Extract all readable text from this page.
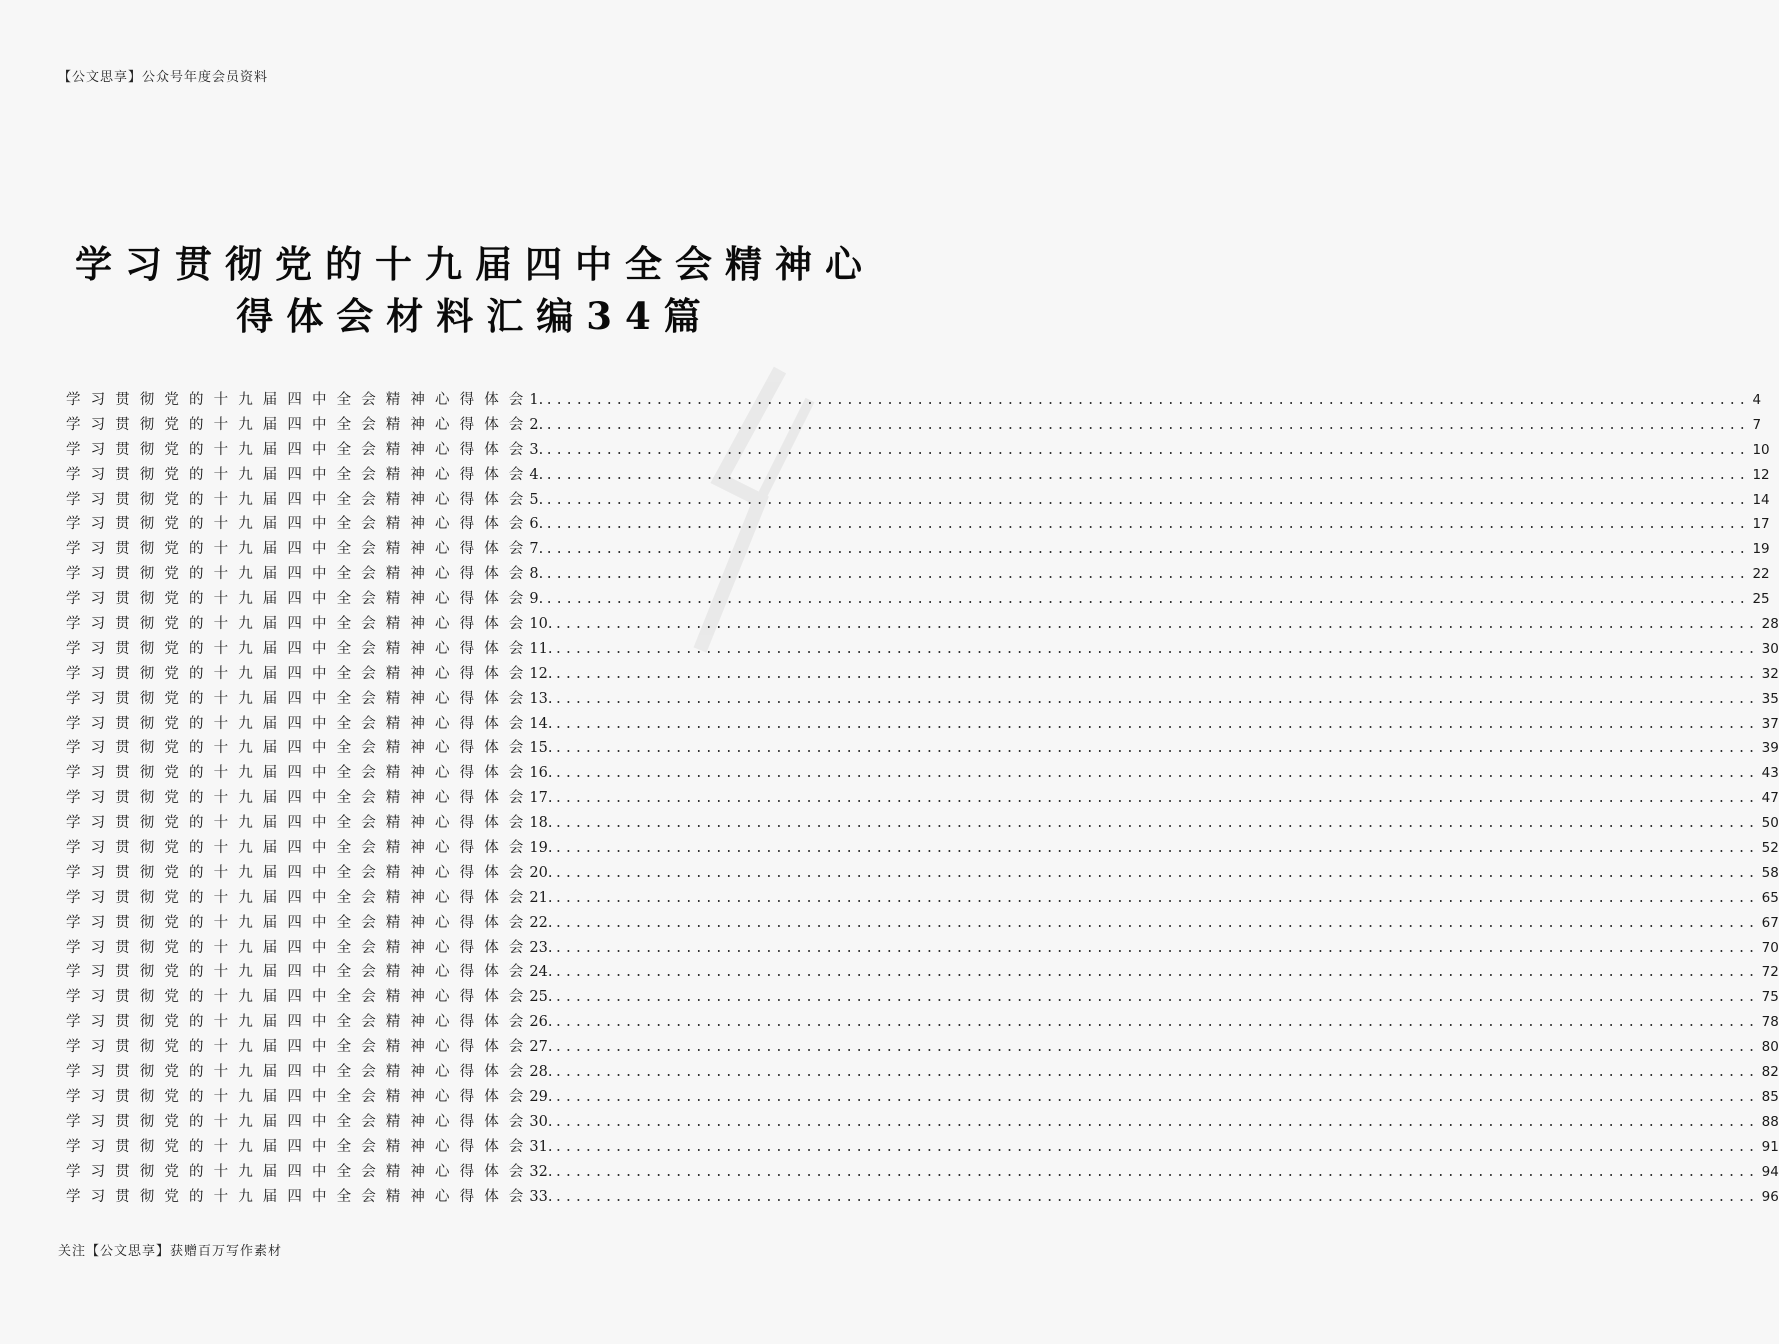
【公文思享】公众号年度会员资料
学习贯彻党的十九届四中全会精神心
得体会材料汇编34篇
学习贯彻党的十九届四中全会精神心得体会
1. ........................................................................................................................ 4
学习贯彻党的十九届四中全会精神心得体会
2. ........................................................................................................................ 7
学习贯彻党的十九届四中全会精神心得体会
3. ........................................................................................................................ 10
学习贯彻党的十九届四中全会精神心得体会
4. ........................................................................................................................ 12
学习贯彻党的十九届四中全会精神心得体会
5. ........................................................................................................................ 14
学习贯彻党的十九届四中全会精神心得体会
6. ........................................................................................................................ 17
学习贯彻党的十九届四中全会精神心得体会
7. ........................................................................................................................ 19
学习贯彻党的十九届四中全会精神心得体会
8. ........................................................................................................................ 22
学习贯彻党的十九届四中全会精神心得体会
9. ........................................................................................................................ 25
学习贯彻党的十九届四中全会精神心得体会
10. ........................................................................................................................ 28
学习贯彻党的十九届四中全会精神心得体会
11. ........................................................................................................................ 30
学习贯彻党的十九届四中全会精神心得体会
12. ........................................................................................................................ 32
学习贯彻党的十九届四中全会精神心得体会
13. ........................................................................................................................ 35
学习贯彻党的十九届四中全会精神心得体会
14. ........................................................................................................................ 37
学习贯彻党的十九届四中全会精神心得体会
15. ........................................................................................................................ 39
学习贯彻党的十九届四中全会精神心得体会
16. ........................................................................................................................ 43
学习贯彻党的十九届四中全会精神心得体会
17. ........................................................................................................................ 47
学习贯彻党的十九届四中全会精神心得体会
18. ........................................................................................................................ 50
学习贯彻党的十九届四中全会精神心得体会
19. ........................................................................................................................ 52
学习贯彻党的十九届四中全会精神心得体会
20. ........................................................................................................................ 58
学习贯彻党的十九届四中全会精神心得体会
21. ........................................................................................................................ 65
学习贯彻党的十九届四中全会精神心得体会
22. ........................................................................................................................ 67
学习贯彻党的十九届四中全会精神心得体会
23. ........................................................................................................................ 70
学习贯彻党的十九届四中全会精神心得体会
24. ........................................................................................................................ 72
学习贯彻党的十九届四中全会精神心得体会
25. ........................................................................................................................ 75
学习贯彻党的十九届四中全会精神心得体会
26. ........................................................................................................................ 78
学习贯彻党的十九届四中全会精神心得体会
27. ........................................................................................................................ 80
学习贯彻党的十九届四中全会精神心得体会
28. ........................................................................................................................ 82
学习贯彻党的十九届四中全会精神心得体会
29. ........................................................................................................................ 85
学习贯彻党的十九届四中全会精神心得体会
30. ........................................................................................................................ 88
学习贯彻党的十九届四中全会精神心得体会
31. ........................................................................................................................ 91
学习贯彻党的十九届四中全会精神心得体会
32. ........................................................................................................................ 94
学习贯彻党的十九届四中全会精神心得体会
33. ........................................................................................................................ 96
关注【公文思享】获赠百万写作素材
